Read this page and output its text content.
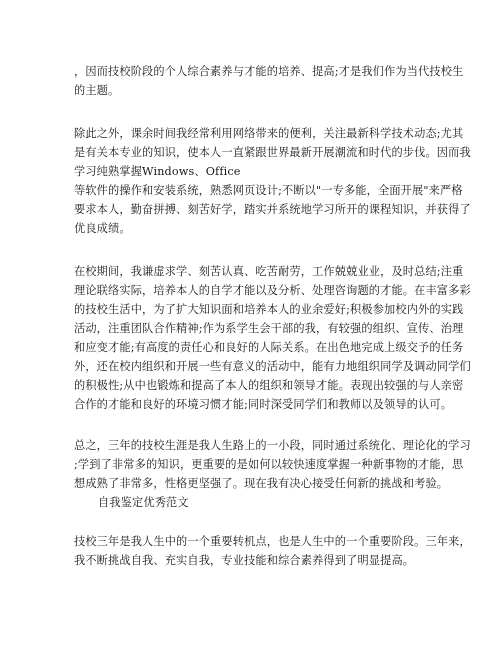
，因而技校阶段的个人综合素养与才能的培养、提高;才是我们作为当代技校生
的主题。
除此之外，课余时间我经常利用网络带来的便利，关注最新科学技术动态;尤其
是有关本专业的知识，使本人一直紧跟世界最新开展潮流和时代的步伐。因而我
学习纯熟掌握Windows、Office
等软件的操作和安装系统，熟悉网页设计;不断以"一专多能，全面开展"来严格
要求本人，勤奋拼搏、刻苦好学，踏实并系统地学习所开的课程知识，并获得了
优良成绩。
在校期间，我谦虚求学、刻苦认真、吃苦耐劳，工作兢兢业业，及时总结;注重
理论联络实际，培养本人的自学才能以及分析、处理咨询题的才能。在丰富多彩
的技校生活中，为了扩大知识面和培养本人的业余爱好;积极参加校内外的实践
活动，注重团队合作精神;作为系学生会干部的我，有较强的组织、宣传、治理
和应变才能;有高度的责任心和良好的人际关系。在出色地完成上级交予的任务
外，还在校内组织和开展一些有意义的活动中，能有力地组织同学及调动同学们
的积极性;从中也锻炼和提高了本人的组织和领导才能。表现出较强的与人亲密
合作的才能和良好的环境习惯才能;同时深受同学们和教师以及领导的认可。
总之，三年的技校生涯是我人生路上的一小段，同时通过系统化、理论化的学习
;学到了非常多的知识，更重要的是如何以较快速度掌握一种新事物的才能，思
想成熟了非常多，性格更坚强了。现在我有决心接受任何新的挑战和考验。
自我鉴定优秀范文
技校三年是我人生中的一个重要转机点，也是人生中的一个重要阶段。三年来，
我不断挑战自我、充实自我，专业技能和综合素养得到了明显提高。
